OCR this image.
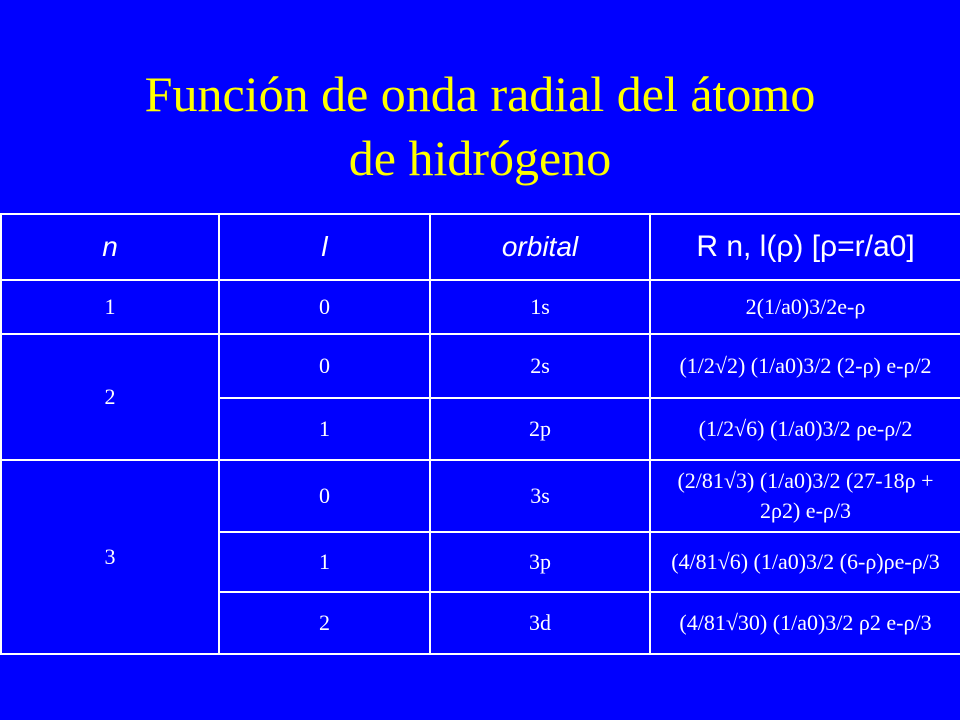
Función de onda radial del átomo
de hidrógeno
n	l	orbital	R n, l(ρ) [ρ=r/a0]
1	0	1s	2(1/a0)3/2e-ρ
2	0	2s	(1/2√2) (1/a0)3/2 (2-ρ) e-ρ/2
	1	2p	(1/2√6) (1/a0)3/2 ρe-ρ/2
3	0	3s	(2/81√3) (1/a0)3/2 (27-18ρ + 2ρ2) e-ρ/3
	1	3p	(4/81√6) (1/a0)3/2 (6-ρ)ρe-ρ/3
	2	3d	(4/81√30) (1/a0)3/2 ρ2 e-ρ/3
